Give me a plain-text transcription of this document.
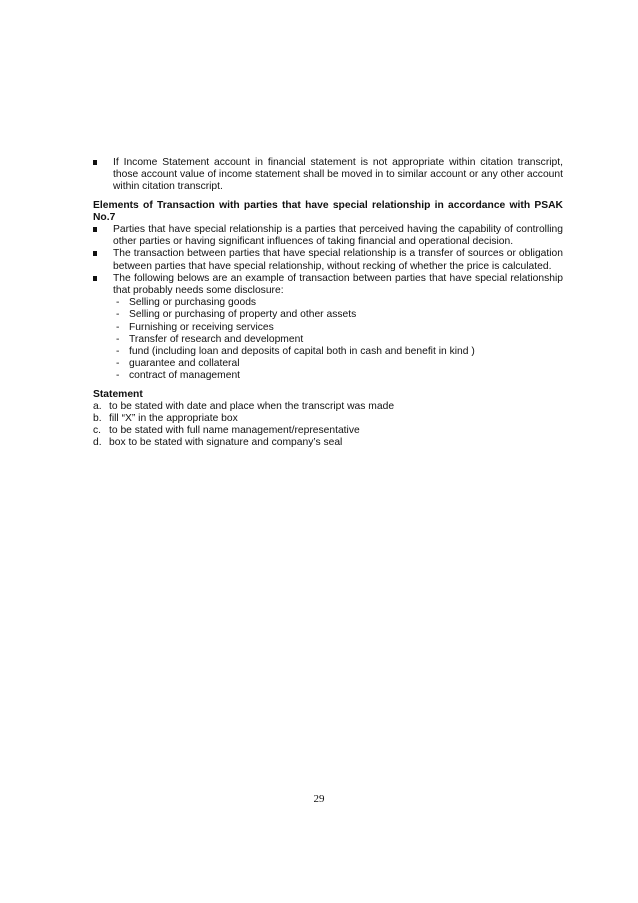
If Income Statement account in financial statement is not appropriate within citation transcript, those account value of income statement shall be moved in to similar account or any other account within citation transcript.

Elements of Transaction with parties that have special relationship in accordance with PSAK No.7

Parties that have special relationship is a parties that perceived having the capability of controlling other parties or having significant influences of taking financial and operational decision.
The transaction between parties that have special relationship is a transfer of sources or obligation between parties that have special relationship, without recking of whether the price is calculated.
The following belows are an example of transaction between parties that have special relationship that probably needs some disclosure:
- Selling or purchasing goods
- Selling or purchasing of property and other assets
- Furnishing or receiving services
- Transfer of research and development
- fund (including loan and deposits of capital both in cash and benefit in kind )
- guarantee and collateral
- contract of management

Statement

a. to be stated with date and place when the transcript was made
b. fill “X” in the appropriate box
c. to be stated with full name management/representative
d. box to be stated with signature and company’s seal
29
